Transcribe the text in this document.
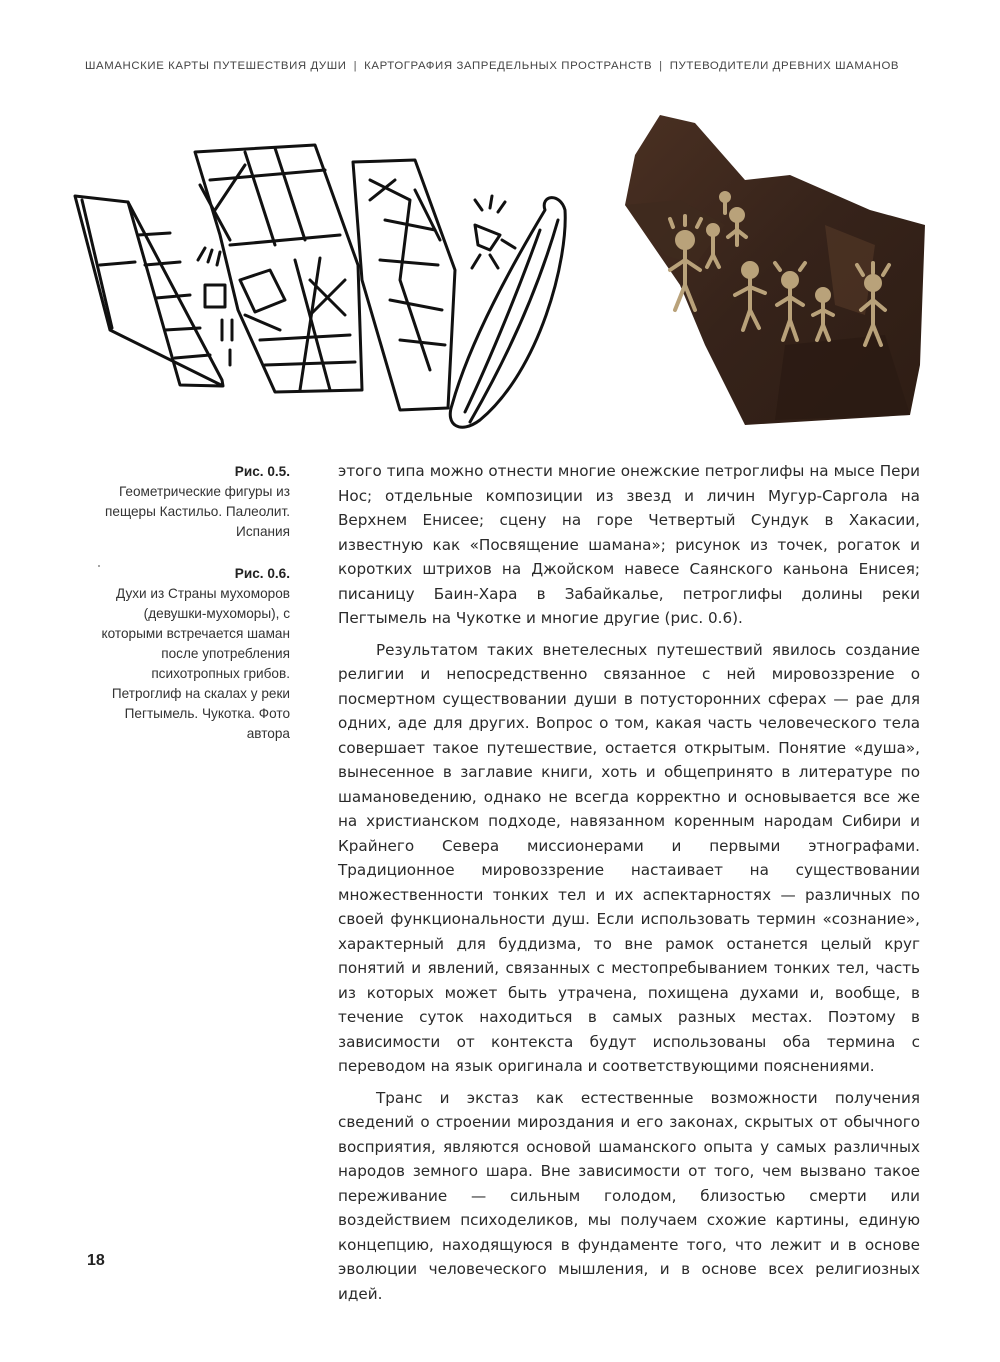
ШАМАНСКИЕ КАРТЫ ПУТЕШЕСТВИЯ ДУШИ | КАРТОГРАФИЯ ЗАПРЕДЕЛЬНЫХ ПРОСТРАНСТВ | ПУТЕВОДИТЕЛИ ДРЕВНИХ ШАМАНОВ
Рис. 0.5.
Геометрические фигуры из пещеры Кастильо. Палеолит. Испания
Рис. 0.6.
Духи из Страны мухоморов (девушки-мухоморы), с которыми встречается шаман после употребления психотропных грибов. Петроглиф на скалах у реки Пегтымель. Чукотка. Фото автора

этого типа можно отнести многие онежские петроглифы на мысе Пери Нос; отдельные композиции из звезд и личин Мугур-Саргола на Верхнем Енисее; сцену на горе Четвертый Сундук в Хакасии, известную как «Посвящение шамана»; рисунок из точек, рогаток и коротких штрихов на Джойском навесе Саянского каньона Енисея; писаницу Баин-Хара в Забайкалье, петроглифы долины реки Пегтымель на Чукотке и многие другие (рис. 0.6).

Результатом таких внетелесных путешествий явилось создание религии и непосредственно связанное с ней мировоззрение о посмертном существовании души в потусторонних сферах — рае для одних, аде для других. Вопрос о том, какая часть человеческого тела совершает такое путешествие, остается открытым. Понятие «душа», вынесенное в заглавие книги, хоть и общепринято в литературе по шамановедению, однако не всегда корректно и основывается все же на христианском подходе, навязанном коренным народам Сибири и Крайнего Севера миссионерами и первыми этнографами. Традиционное мировоззрение настаивает на существовании множественности тонких тел и их аспектарностях — различных по своей функциональности душ. Если использовать термин «сознание», характерный для буддизма, то вне рамок останется целый круг понятий и явлений, связанных с местопребыванием тонких тел, часть из которых может быть утрачена, похищена духами и, вообще, в течение суток находиться в самых разных местах. Поэтому в зависимости от контекста будут использованы оба термина с переводом на язык оригинала и соответствующими пояснениями.

Транс и экстаз как естественные возможности получения сведений о строении мироздания и его законах, скрытых от обычного восприятия, являются основой шаманского опыта у самых различных народов земного шара. Вне зависимости от того, чем вызвано такое переживание — сильным голодом, близостью смерти или воздействием психоделиков, мы получаем схожие картины, единую концепцию, находящуюся в фундаменте того, что лежит и в основе эволюции человеческого мышления, и в основе всех религиозных идей.

18
